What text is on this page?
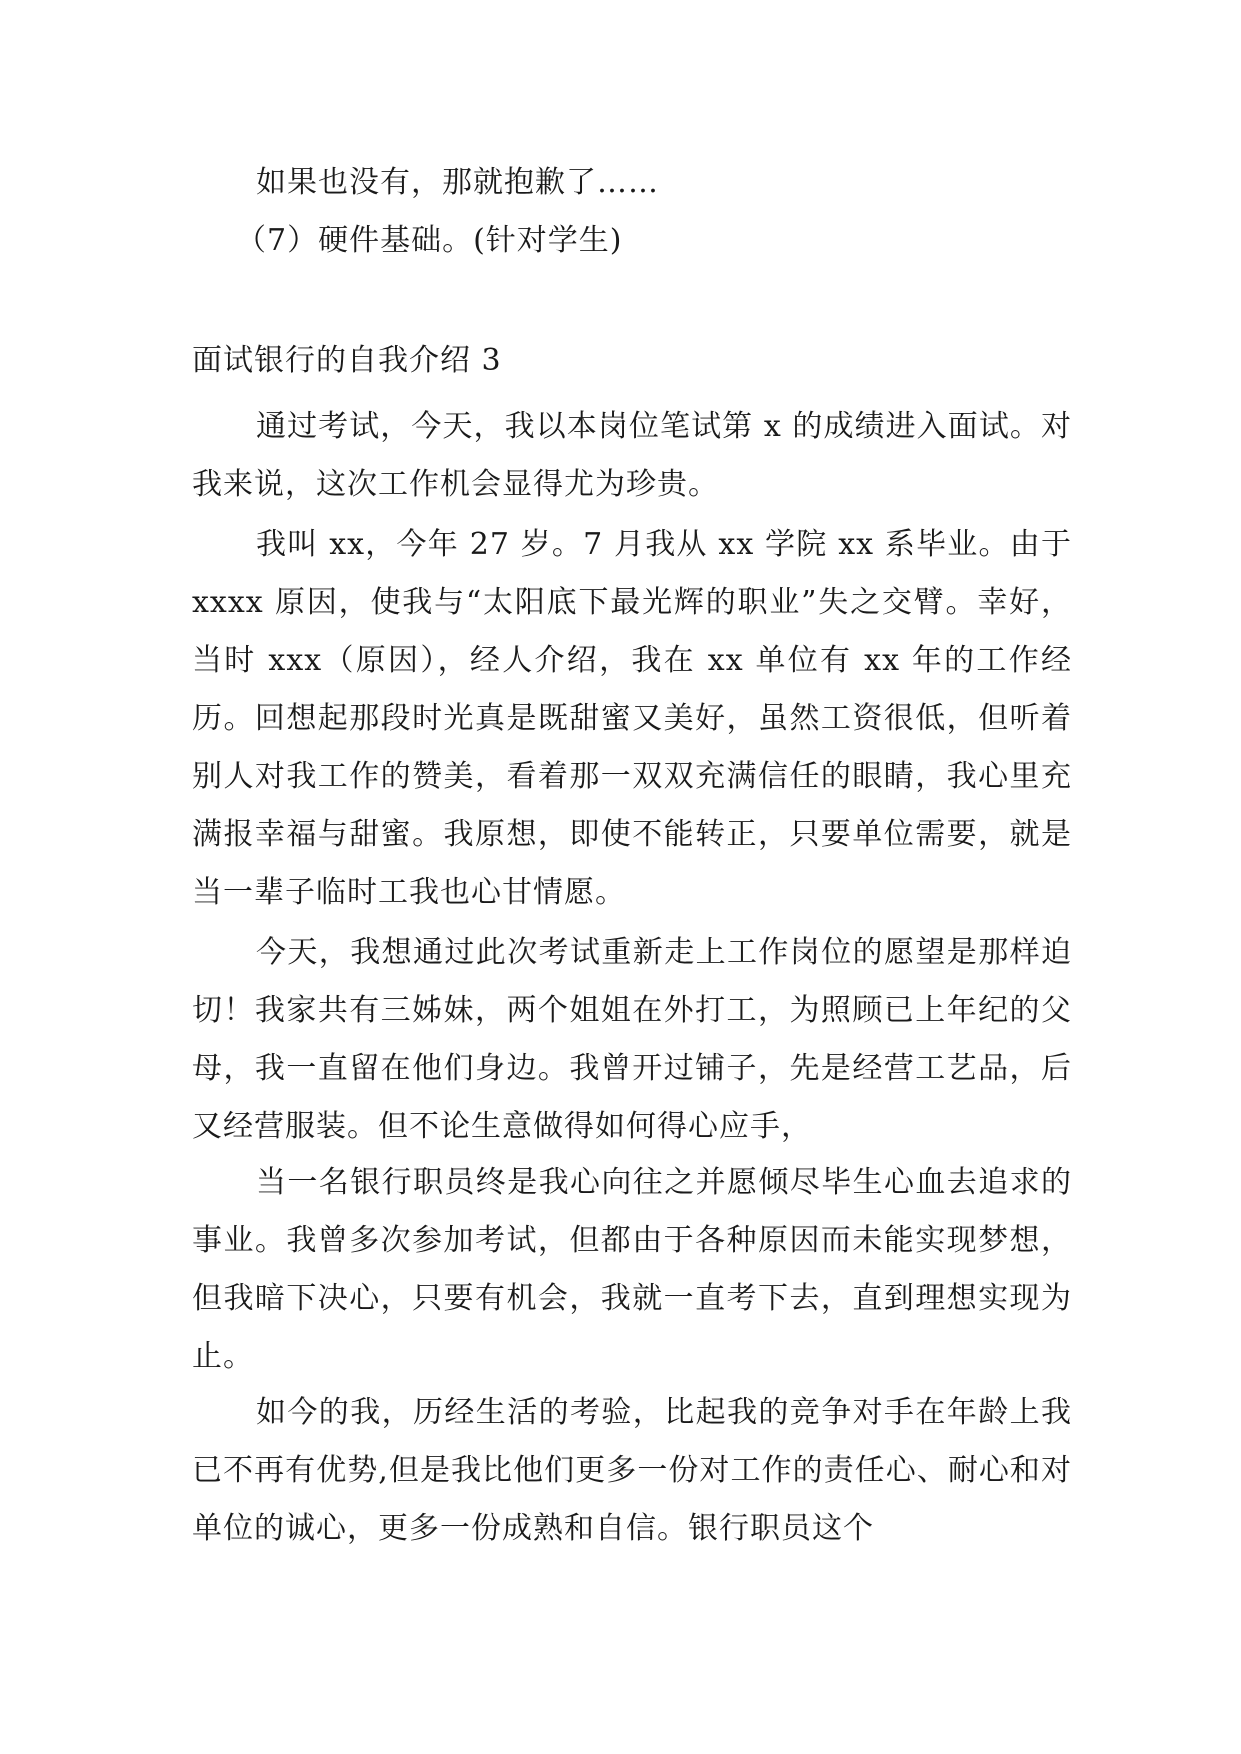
如果也没有，那就抱歉了……

（7）硬件基础。(针对学生)

面试银行的自我介绍 3

通过考试，今天，我以本岗位笔试第 x 的成绩进入面试。对我来说，这次工作机会显得尤为珍贵。

我叫 xx，今年 27 岁。7 月我从 xx 学院 xx 系毕业。由于 xxxx 原因，使我与“太阳底下最光辉的职业”失之交臂。幸好，当时 xxx（原因），经人介绍，我在 xx 单位有 xx 年的工作经历。回想起那段时光真是既甜蜜又美好，虽然工资很低，但听着别人对我工作的赞美，看着那一双双充满信任的眼睛，我心里充满报幸福与甜蜜。我原想，即使不能转正，只要单位需要，就是当一辈子临时工我也心甘情愿。

今天，我想通过此次考试重新走上工作岗位的愿望是那样迫切！我家共有三姊妹，两个姐姐在外打工，为照顾已上年纪的父母，我一直留在他们身边。我曾开过铺子，先是经营工艺品，后又经营服装。但不论生意做得如何得心应手，

当一名银行职员终是我心向往之并愿倾尽毕生心血去追求的事业。我曾多次参加考试，但都由于各种原因而未能实现梦想，但我暗下决心，只要有机会，我就一直考下去，直到理想实现为止。

如今的我，历经生活的考验，比起我的竞争对手在年龄上我已不再有优势,但是我比他们更多一份对工作的责任心、耐心和对单位的诚心，更多一份成熟和自信。银行职员这个
